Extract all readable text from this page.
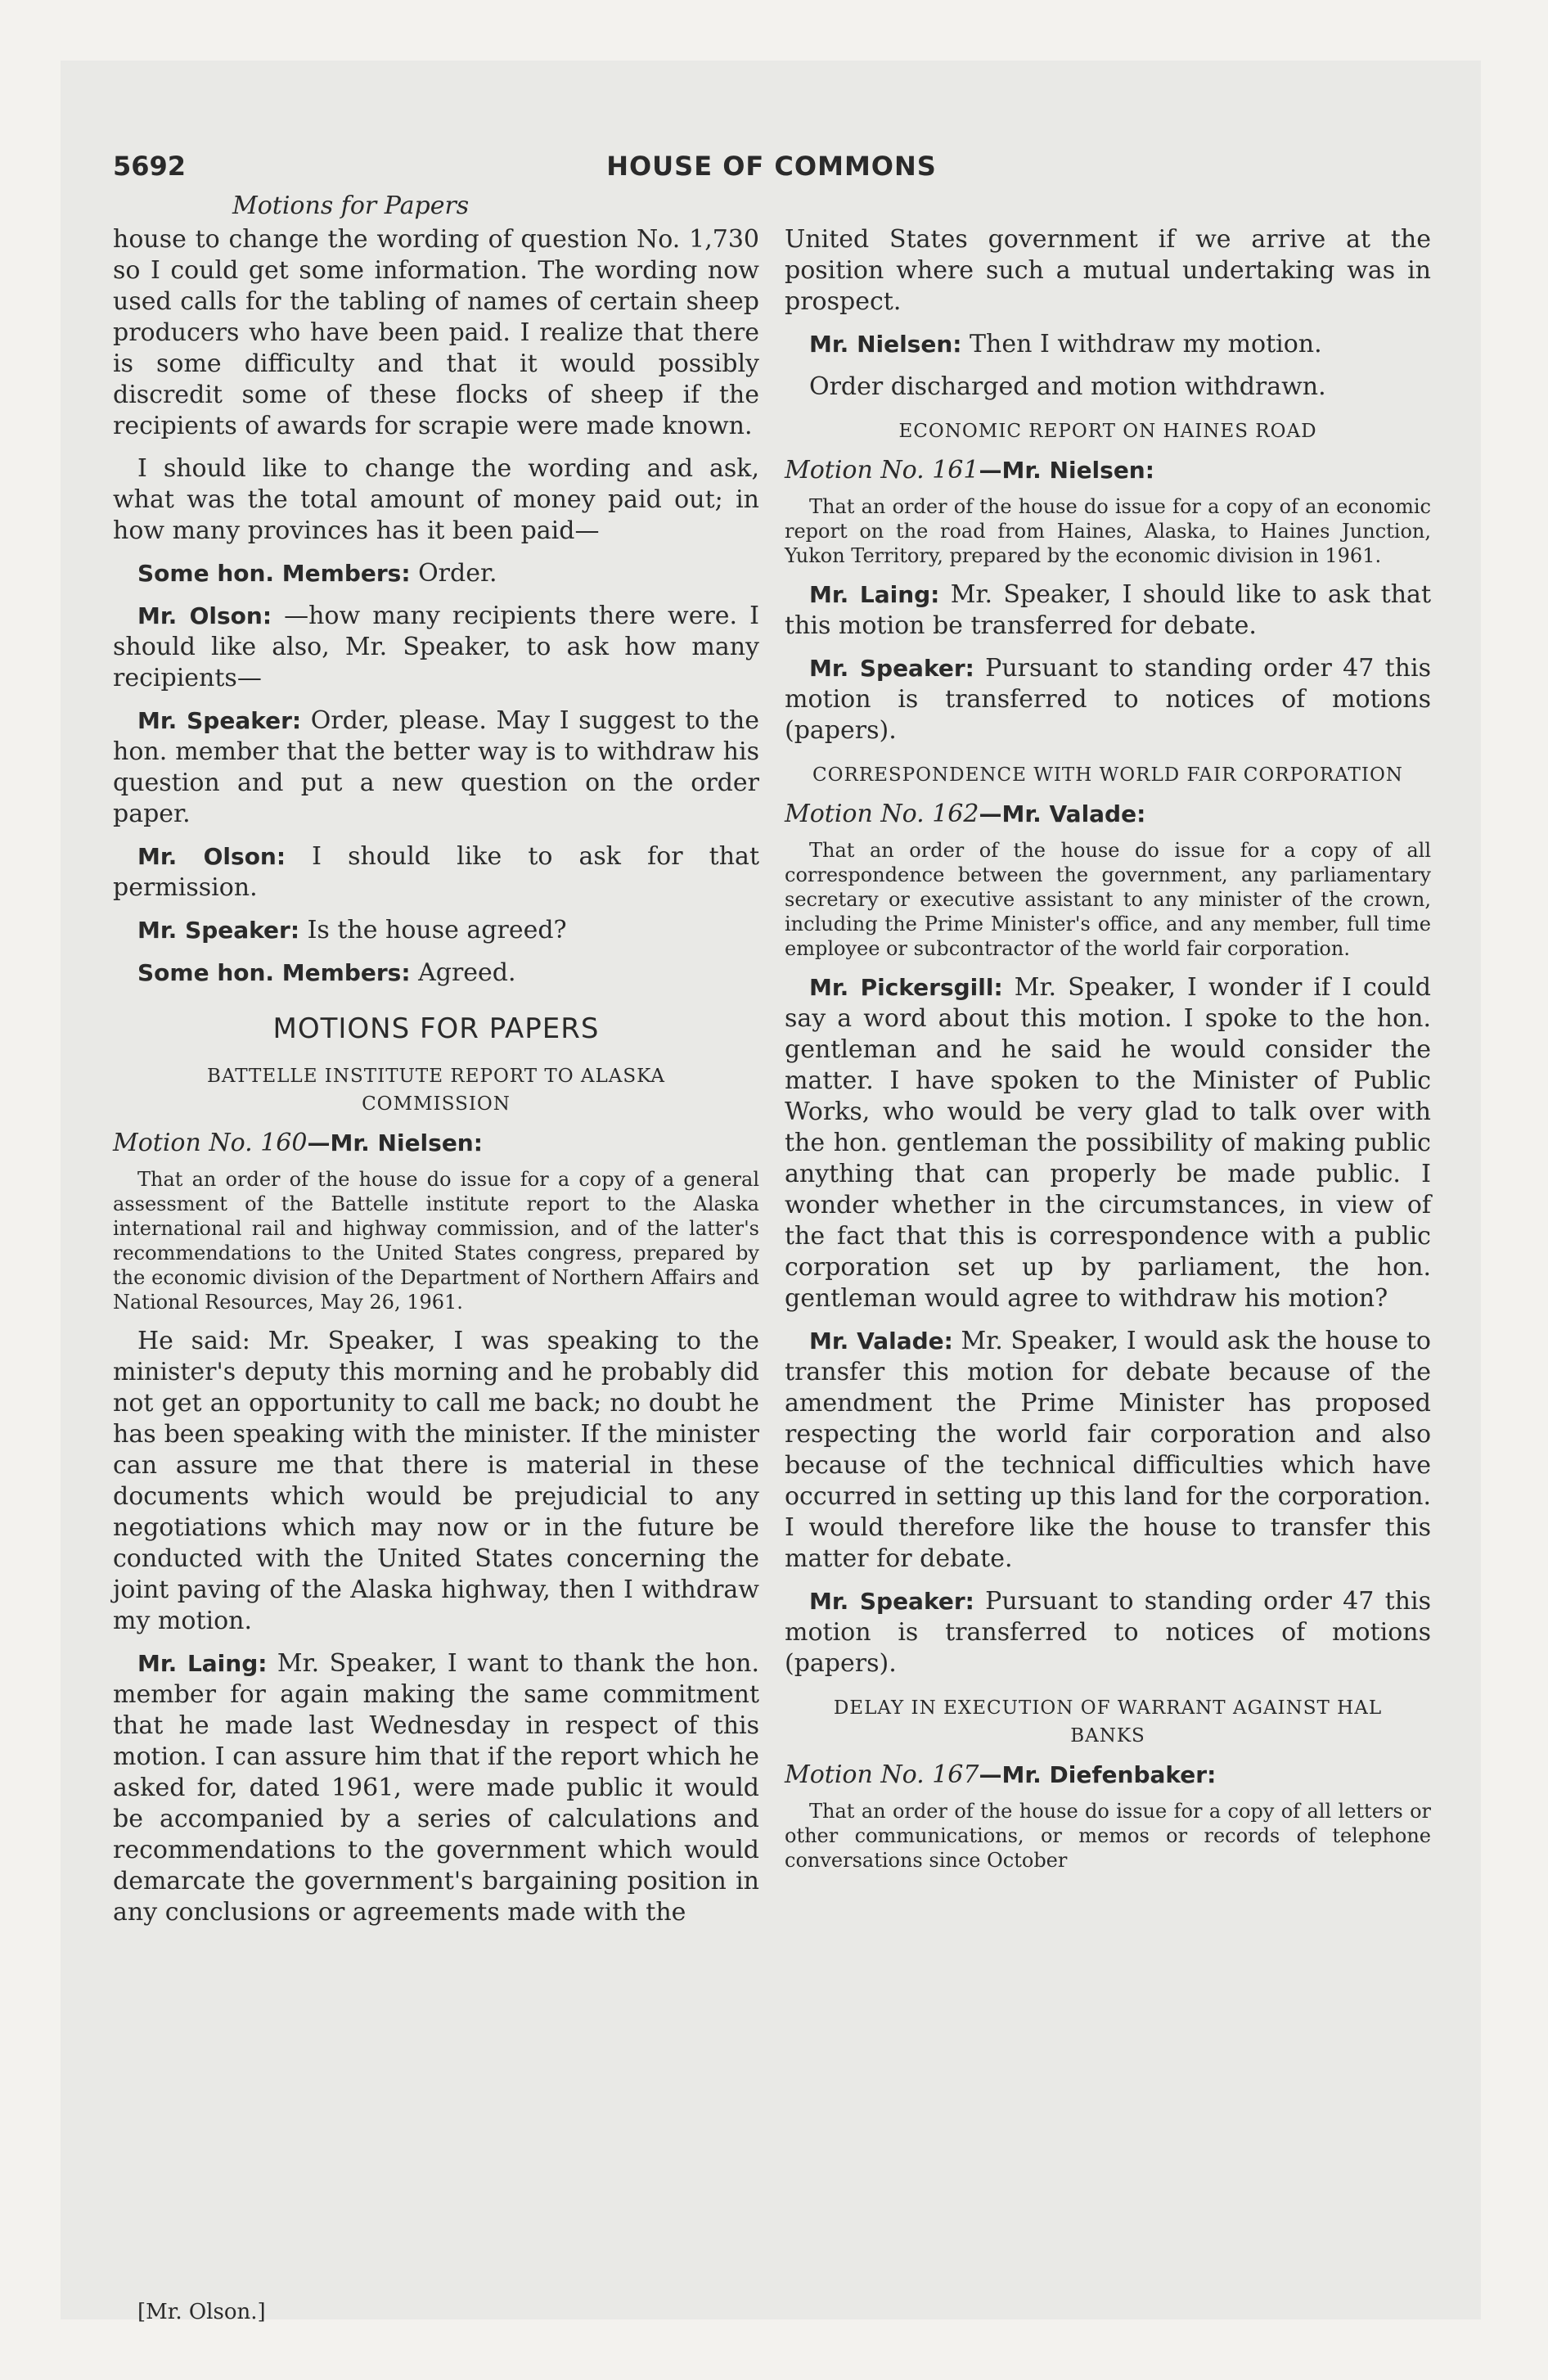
5692	HOUSE OF COMMONS
Motions for Papers

house to change the wording of question No. 1,730 so I could get some information. The wording now used calls for the tabling of names of certain sheep producers who have been paid. I realize that there is some difficulty and that it would possibly discredit some of these flocks of sheep if the recipients of awards for scrapie were made known.

I should like to change the wording and ask, what was the total amount of money paid out; in how many provinces has it been paid—

Some hon. Members: Order.

Mr. Olson: —how many recipients there were. I should like also, Mr. Speaker, to ask how many recipients—

Mr. Speaker: Order, please. May I suggest to the hon. member that the better way is to withdraw his question and put a new question on the order paper.

Mr. Olson: I should like to ask for that permission.

Mr. Speaker: Is the house agreed?

Some hon. Members: Agreed.

MOTIONS FOR PAPERS
BATTELLE INSTITUTE REPORT TO ALASKA COMMISSION
Motion No. 160—Mr. Nielsen:

That an order of the house do issue for a copy of a general assessment of the Battelle institute report to the Alaska international rail and highway commission, and of the latter's recommendations to the United States congress, prepared by the economic division of the Department of Northern Affairs and National Resources, May 26, 1961.

He said: Mr. Speaker, I was speaking to the minister's deputy this morning and he probably did not get an opportunity to call me back; no doubt he has been speaking with the minister. If the minister can assure me that there is material in these documents which would be prejudicial to any negotiations which may now or in the future be conducted with the United States concerning the joint paving of the Alaska highway, then I withdraw my motion.

Mr. Laing: Mr. Speaker, I want to thank the hon. member for again making the same commitment that he made last Wednesday in respect of this motion. I can assure him that if the report which he asked for, dated 1961, were made public it would be accompanied by a series of calculations and recommendations to the government which would demarcate the government's bargaining position in any conclusions or agreements made with the

United States government if we arrive at the position where such a mutual undertaking was in prospect.

Mr. Nielsen: Then I withdraw my motion.

Order discharged and motion withdrawn.

ECONOMIC REPORT ON HAINES ROAD
Motion No. 161—Mr. Nielsen:

That an order of the house do issue for a copy of an economic report on the road from Haines, Alaska, to Haines Junction, Yukon Territory, prepared by the economic division in 1961.

Mr. Laing: Mr. Speaker, I should like to ask that this motion be transferred for debate.

Mr. Speaker: Pursuant to standing order 47 this motion is transferred to notices of motions (papers).

CORRESPONDENCE WITH WORLD FAIR CORPORATION
Motion No. 162—Mr. Valade:

That an order of the house do issue for a copy of all correspondence between the government, any parliamentary secretary or executive assistant to any minister of the crown, including the Prime Minister's office, and any member, full time employee or subcontractor of the world fair corporation.

Mr. Pickersgill: Mr. Speaker, I wonder if I could say a word about this motion. I spoke to the hon. gentleman and he said he would consider the matter. I have spoken to the Minister of Public Works, who would be very glad to talk over with the hon. gentleman the possibility of making public anything that can properly be made public. I wonder whether in the circumstances, in view of the fact that this is correspondence with a public corporation set up by parliament, the hon. gentleman would agree to withdraw his motion?

Mr. Valade: Mr. Speaker, I would ask the house to transfer this motion for debate because of the amendment the Prime Minister has proposed respecting the world fair corporation and also because of the technical difficulties which have occurred in setting up this land for the corporation. I would therefore like the house to transfer this matter for debate.

Mr. Speaker: Pursuant to standing order 47 this motion is transferred to notices of motions (papers).

DELAY IN EXECUTION OF WARRANT AGAINST HAL BANKS
Motion No. 167—Mr. Diefenbaker:

That an order of the house do issue for a copy of all letters or other communications, or memos or records of telephone conversations since October

[Mr. Olson.]
